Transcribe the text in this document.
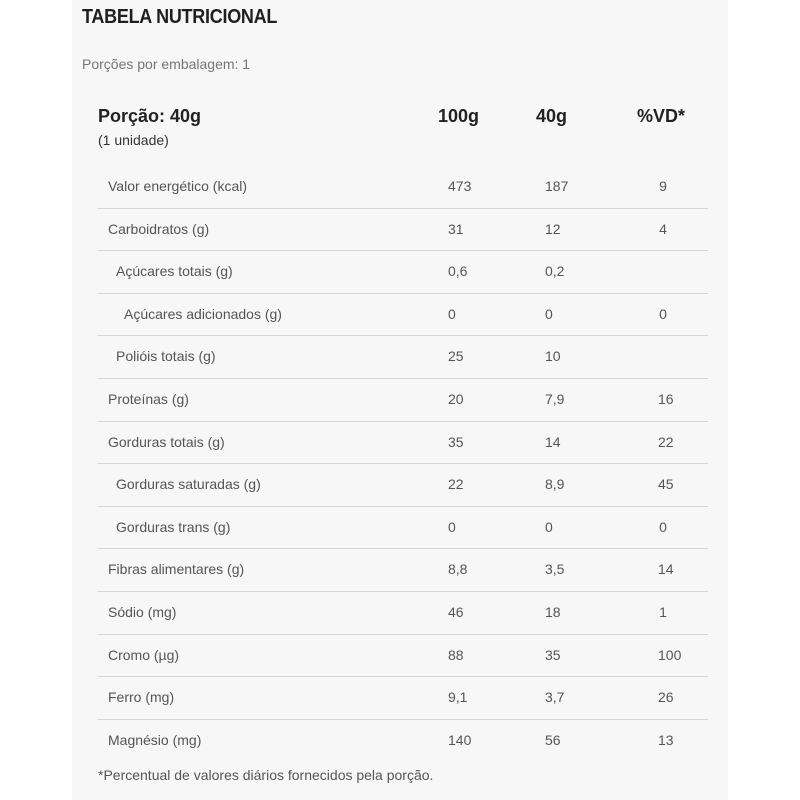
TABELA NUTRICIONAL
Porções por embalagem: 1
Porção: 40g
(1 unidade)
100g	40g	%VD*
Valor energético (kcal)	473	187	9
Carboidratos (g)	31	12	4
Açúcares totais (g)	0,6	0,2
Açúcares adicionados (g)	0	0	0
Polióis totais (g)	25	10
Proteínas (g)	20	7,9	16
Gorduras totais (g)	35	14	22
Gorduras saturadas (g)	22	8,9	45
Gorduras trans (g)	0	0	0
Fibras alimentares (g)	8,8	3,5	14
Sódio (mg)	46	18	1
Cromo (µg)	88	35	100
Ferro (mg)	9,1	3,7	26
Magnésio (mg)	140	56	13
*Percentual de valores diários fornecidos pela porção.
